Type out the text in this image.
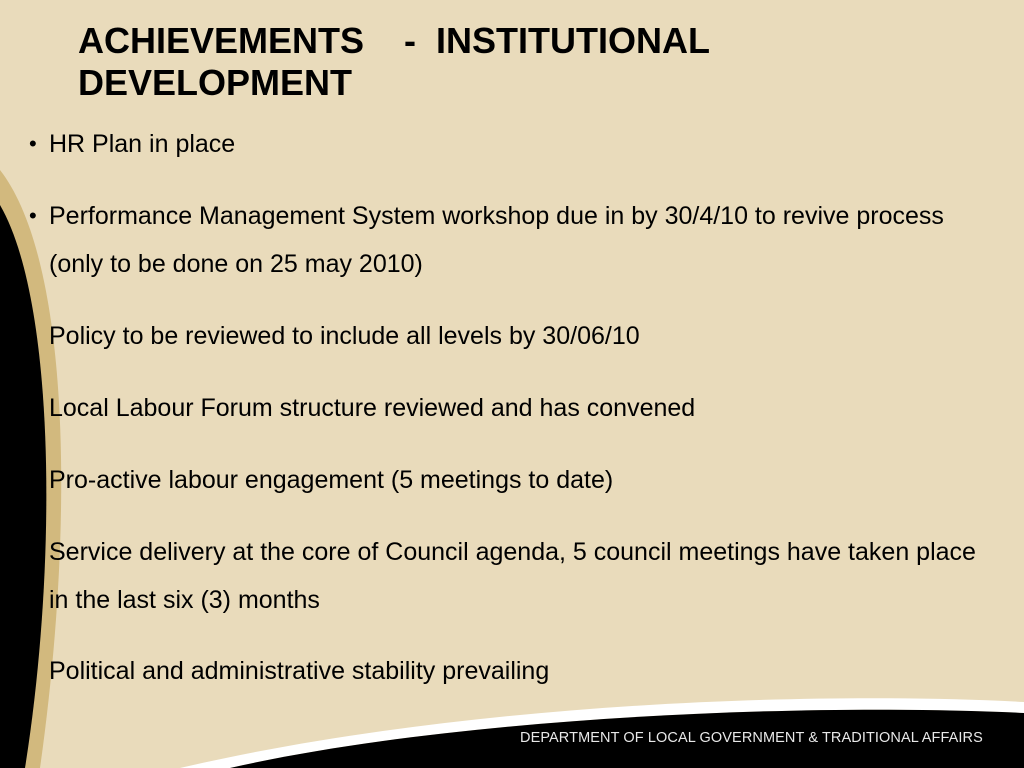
ACHIEVEMENTS    -  INSTITUTIONAL
DEVELOPMENT
• HR Plan in place
• Performance Management System workshop due in by 30/4/10 to revive process (only to be done on 25 may 2010)
• Policy to be reviewed to include all levels by 30/06/10
Local Labour Forum structure reviewed and has convened
Pro-active labour engagement (5 meetings to date)
• Service delivery at the core of Council agenda, 5 council meetings have taken place in the last six (3) months
• Political and administrative stability prevailing
DEPARTMENT OF LOCAL GOVERNMENT & TRADITIONAL AFFAIRS
